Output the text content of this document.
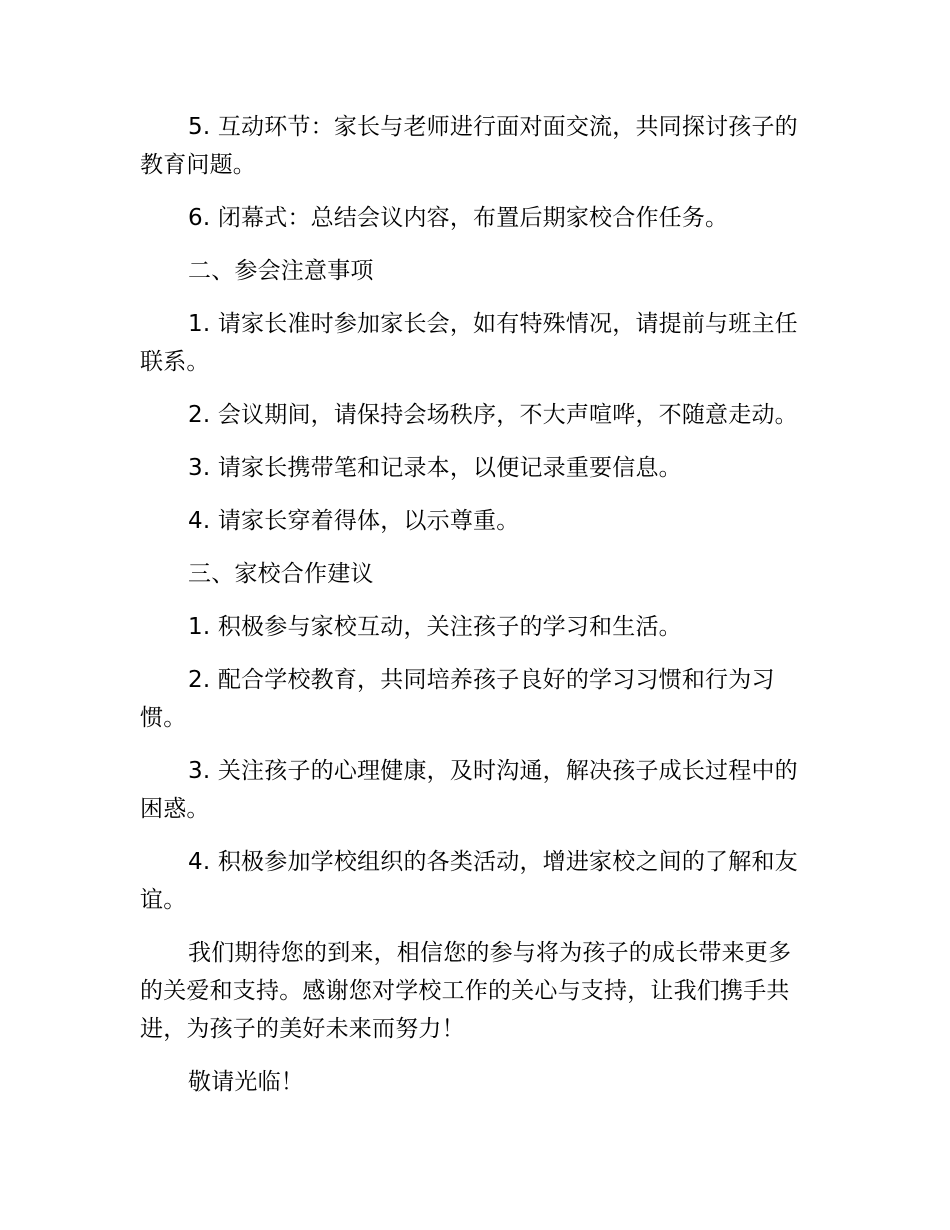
5. 互动环节：家长与老师进行面对面交流，共同探讨孩子的教育问题。

6. 闭幕式：总结会议内容，布置后期家校合作任务。

二、参会注意事项

1. 请家长准时参加家长会，如有特殊情况，请提前与班主任联系。

2. 会议期间，请保持会场秩序，不大声喧哗，不随意走动。

3. 请家长携带笔和记录本，以便记录重要信息。

4. 请家长穿着得体，以示尊重。

三、家校合作建议

1. 积极参与家校互动，关注孩子的学习和生活。

2. 配合学校教育，共同培养孩子良好的学习习惯和行为习惯。

3. 关注孩子的心理健康，及时沟通，解决孩子成长过程中的困惑。

4. 积极参加学校组织的各类活动，增进家校之间的了解和友谊。

我们期待您的到来，相信您的参与将为孩子的成长带来更多的关爱和支持。感谢您对学校工作的关心与支持，让我们携手共进，为孩子的美好未来而努力！

敬请光临！
